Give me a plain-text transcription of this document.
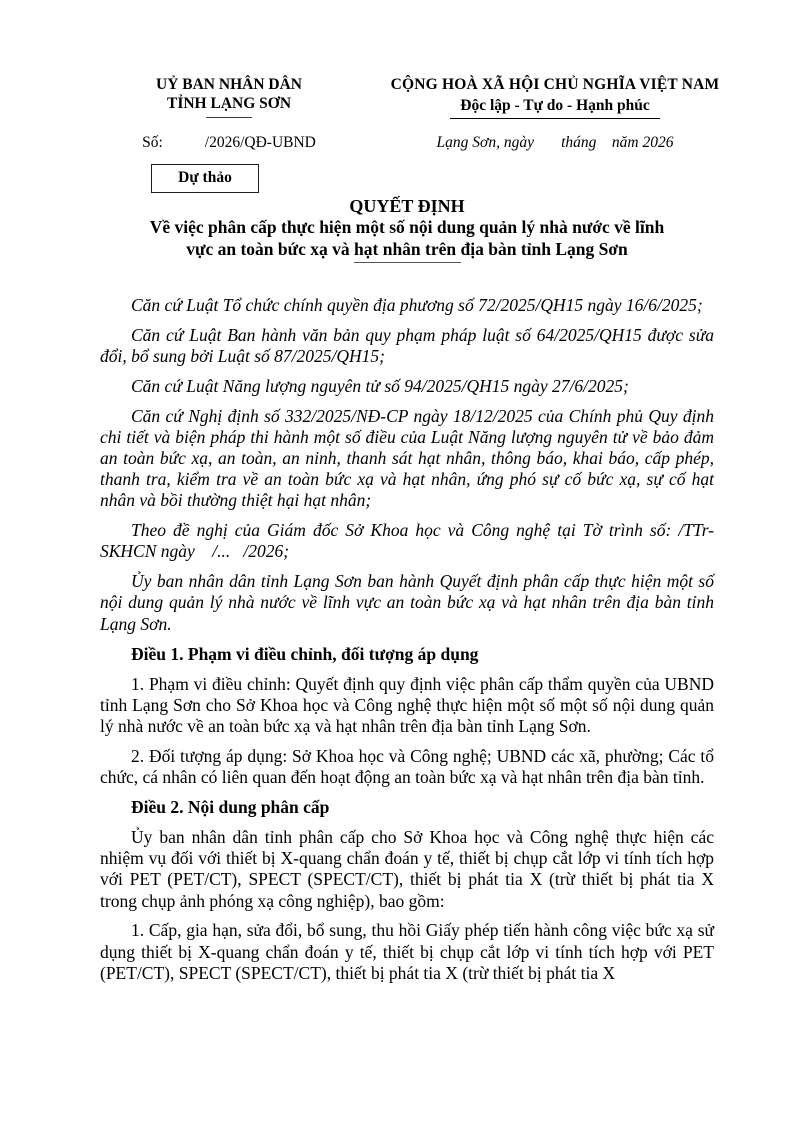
UỶ BAN NHÂN DÂN
TỈNH LẠNG SƠN
Số:	/2026/QĐ-UBND
Dự thảo
CỘNG HOÀ XÃ HỘI CHỦ NGHĨA VIỆT NAM
Độc lập - Tự do - Hạnh phúc
Lạng Sơn, ngày       tháng    năm 2026
QUYẾT ĐỊNH
Về việc phân cấp thực hiện một số nội dung quản lý nhà nước về lĩnh
vực an toàn bức xạ và hạt nhân trên địa bàn tỉnh Lạng Sơn

Căn cứ Luật Tổ chức chính quyền địa phương số 72/2025/QH15 ngày 16/6/2025;

Căn cứ Luật Ban hành văn bản quy phạm pháp luật số 64/2025/QH15 được sửa đổi, bổ sung bởi Luật số 87/2025/QH15;

Căn cứ Luật Năng lượng nguyên tử số 94/2025/QH15 ngày 27/6/2025;

Căn cứ Nghị định số 332/2025/NĐ-CP ngày 18/12/2025 của Chính phủ Quy định chi tiết và biện pháp thi hành một số điều của Luật Năng lượng nguyên tử về bảo đảm an toàn bức xạ, an toàn, an ninh, thanh sát hạt nhân, thông báo, khai báo, cấp phép, thanh tra, kiểm tra về an toàn bức xạ và hạt nhân, ứng phó sự cố bức xạ, sự cố hạt nhân và bồi thường thiệt hại hạt nhân;

Theo đề nghị của Giám đốc Sở Khoa học và Công nghệ tại Tờ trình số: /TTr-SKHCN ngày    /...   /2026;

Ủy ban nhân dân tỉnh Lạng Sơn ban hành Quyết định phân cấp thực hiện một số nội dung quản lý nhà nước về lĩnh vực an toàn bức xạ và hạt nhân trên địa bàn tỉnh Lạng Sơn.

Điều 1. Phạm vi điều chỉnh, đối tượng áp dụng

1. Phạm vi điều chỉnh: Quyết định quy định việc phân cấp thẩm quyền của UBND tỉnh Lạng Sơn cho Sở Khoa học và Công nghệ thực hiện một số một số nội dung quản lý nhà nước về an toàn bức xạ và hạt nhân trên địa bàn tỉnh Lạng Sơn.

2. Đối tượng áp dụng: Sở Khoa học và Công nghệ; UBND các xã, phường; Các tổ chức, cá nhân có liên quan đến hoạt động an toàn bức xạ và hạt nhân trên địa bàn tỉnh.

Điều 2. Nội dung phân cấp

Ủy ban nhân dân tỉnh phân cấp cho Sở Khoa học và Công nghệ thực hiện các nhiệm vụ đối với thiết bị X-quang chẩn đoán y tế, thiết bị chụp cắt lớp vi tính tích hợp với PET (PET/CT), SPECT (SPECT/CT), thiết bị phát tia X (trừ thiết bị phát tia X trong chụp ảnh phóng xạ công nghiệp), bao gồm:

1. Cấp, gia hạn, sửa đổi, bổ sung, thu hồi Giấy phép tiến hành công việc bức xạ sử dụng thiết bị X-quang chẩn đoán y tế, thiết bị chụp cắt lớp vi tính tích hợp với PET (PET/CT), SPECT (SPECT/CT), thiết bị phát tia X (trừ thiết bị phát tia X
